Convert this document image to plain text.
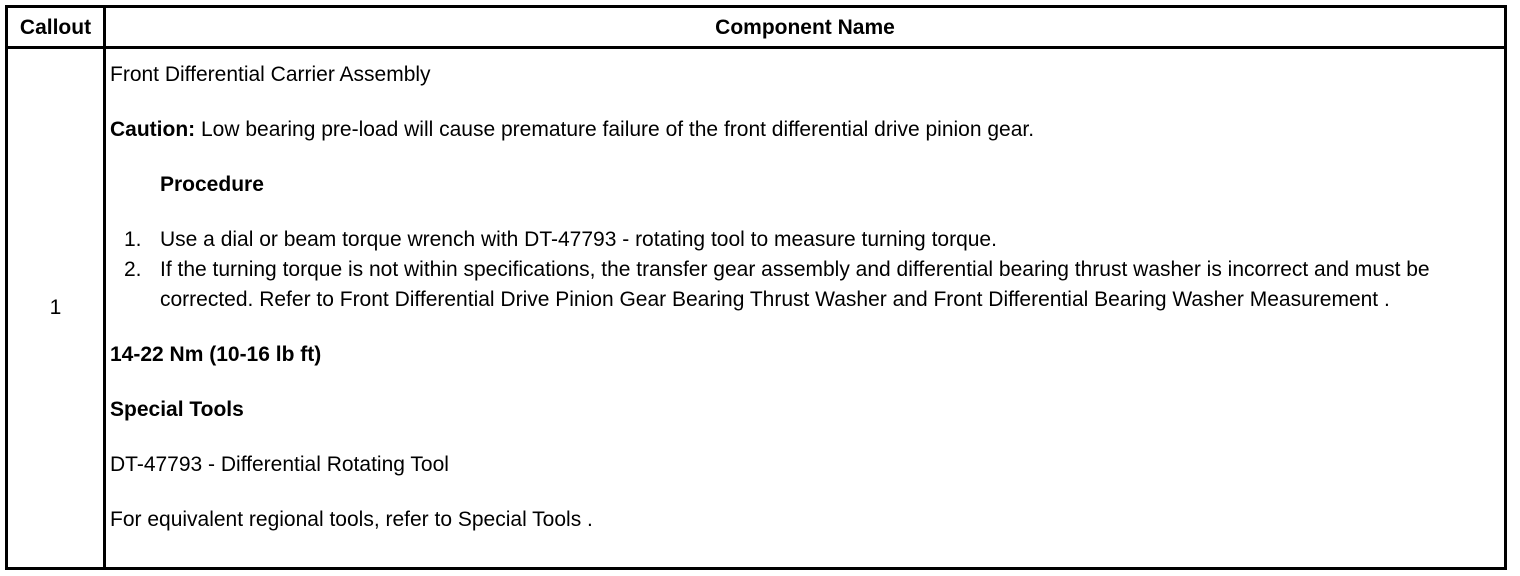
Callout	Component Name
1

Front Differential Carrier Assembly

Caution: Low bearing pre-load will cause premature failure of the front differential drive pinion gear.

Procedure

1. Use a dial or beam torque wrench with DT-47793 - rotating tool to measure turning torque.
2. If the turning torque is not within specifications, the transfer gear assembly and differential bearing thrust washer is incorrect and must be corrected. Refer to Front Differential Drive Pinion Gear Bearing Thrust Washer and Front Differential Bearing Washer Measurement .

14-22 Nm (10-16 lb ft)

Special Tools

DT-47793 - Differential Rotating Tool

For equivalent regional tools, refer to Special Tools .
